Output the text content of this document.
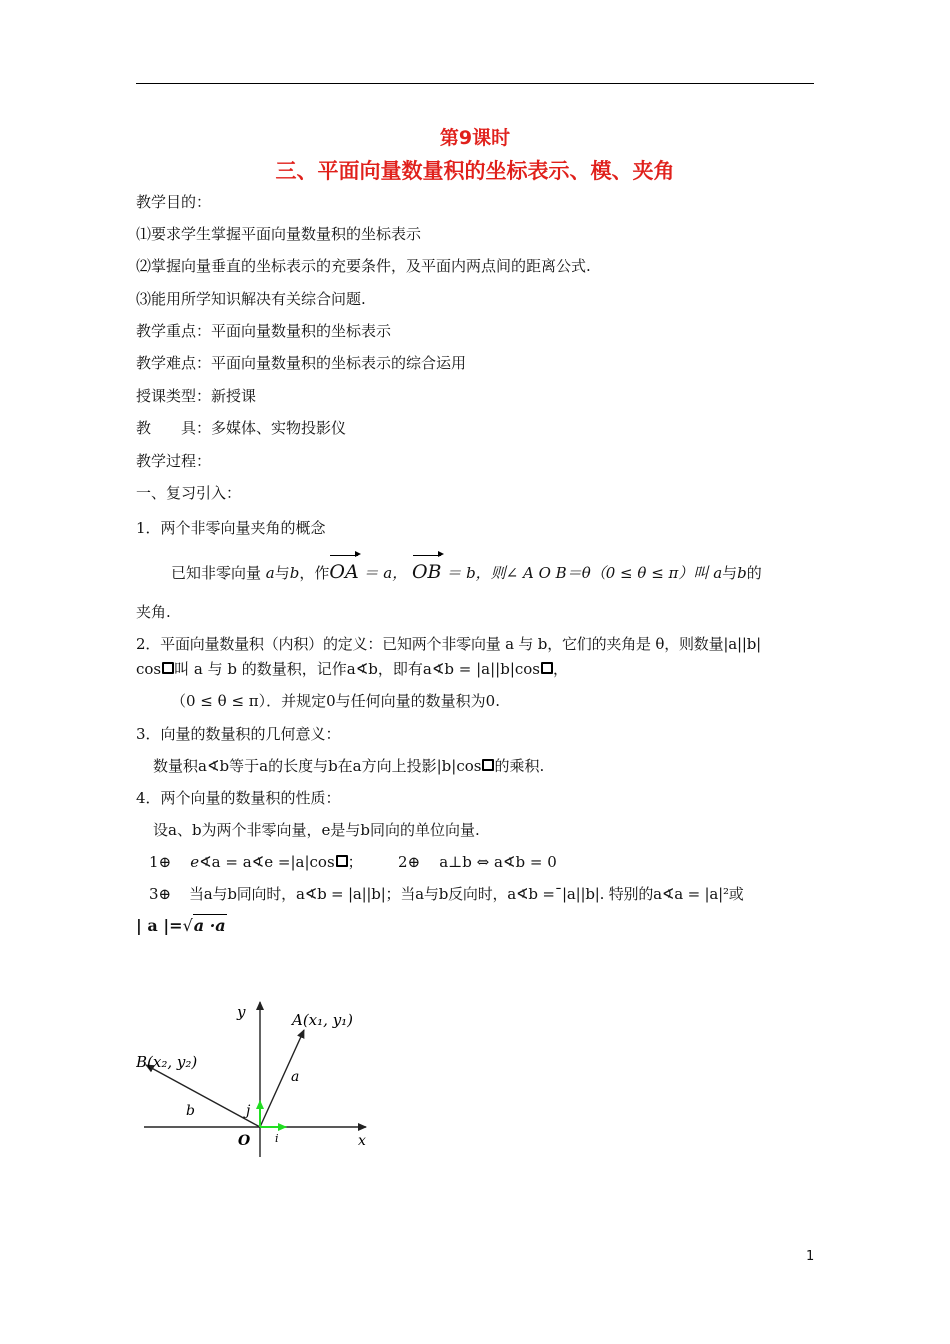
第9课时
三、平面向量数量积的坐标表示、模、夹角
教学目的：
⑴要求学生掌握平面向量数量积的坐标表示
⑵掌握向量垂直的坐标表示的充要条件，及平面内两点间的距离公式.
⑶能用所学知识解决有关综合问题.
教学重点：平面向量数量积的坐标表示
教学难点：平面向量数量积的坐标表示的综合运用
授课类型：新授课
教　　具：多媒体、实物投影仪
教学过程：
一、复习引入：
1．两个非零向量夹角的概念
已知非零向量 a与b，作OA ＝ a， OB ＝ b，则∠ A O B＝θ（0 ≤ θ ≤ π）叫 a与b的
夹角.
2．平面向量数量积（内积）的定义：已知两个非零向量 a 与 b，它们的夹角是 θ，则数量|a||b|
cos 叫 a 与 b 的数量积，记作a∢b，即有a∢b = |a||b|cos ，
（0 ≤ θ ≤ π）．并规定0与任何向量的数量积为0.
3．向量的数量积的几何意义：
数量积a∢b等于a的长度与b在a方向上投影|b|cos 的乘积.
4．两个向量的数量积的性质：
设a、b为两个非零向量，e是与b同向的单位向量.
1⊕ e∢a = a∢e =|a|cos ； 2⊕ a⊥b ⇔ a∢b = 0
3⊕ 当a与b同向时，a∢b = |a||b|；当a与b反向时，a∢b =ˉ|a||b|. 特别的a∢a = |a|²或
| a |=√a ·a
y
x
O
A(x₁, y₁)
B(x₂, y₂)
a
b	j
i
1
